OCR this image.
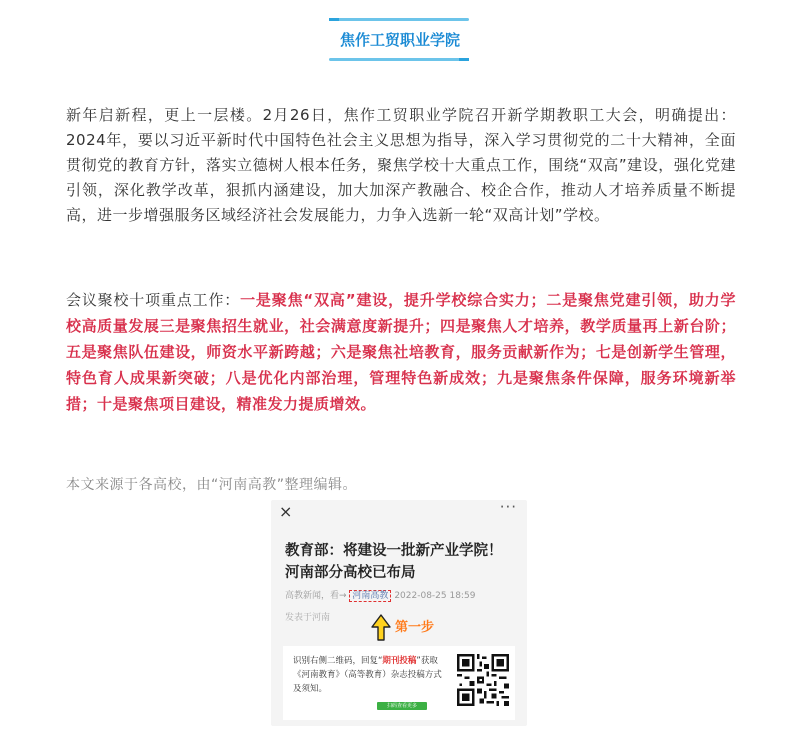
焦作工贸职业学院

新年启新程，更上一层楼。2月26日，焦作工贸职业学院召开新学期教职工大会，明确提出：2024年，要以习近平新时代中国特色社会主义思想为指导，深入学习贯彻党的二十大精神，全面贯彻党的教育方针，落实立德树人根本任务，聚焦学校十大重点工作，围绕“双高”建设，强化党建引领，深化教学改革，狠抓内涵建设，加大加深产教融合、校企合作，推动人才培养质量不断提高，进一步增强服务区域经济社会发展能力，力争入选新一轮“双高计划”学校。

会议聚校十项重点工作：一是聚焦“双高”建设，提升学校综合实力；二是聚焦党建引领，助力学校高质量发展三是聚焦招生就业，社会满意度新提升；四是聚焦人才培养，教学质量再上新台阶；五是聚焦队伍建设，师资水平新跨越；六是聚焦社培教育，服务贡献新作为；七是创新学生管理，特色育人成果新突破；八是优化内部治理，管理特色新成效；九是聚焦条件保障，服务环境新举措；十是聚焦项目建设，精准发力提质增效。

本文来源于各高校，由“河南高教”整理编辑。

×	···
教育部：将建设一批新产业学院！河南部分高校已布局
高教新闻，看→ 河南高教 2022-08-25 18:59
发表于河南
第一步
识别右侧二维码，回复“期刊投稿”获取《河南教育》（高等教育）杂志投稿方式及须知。
扫码查看更多
